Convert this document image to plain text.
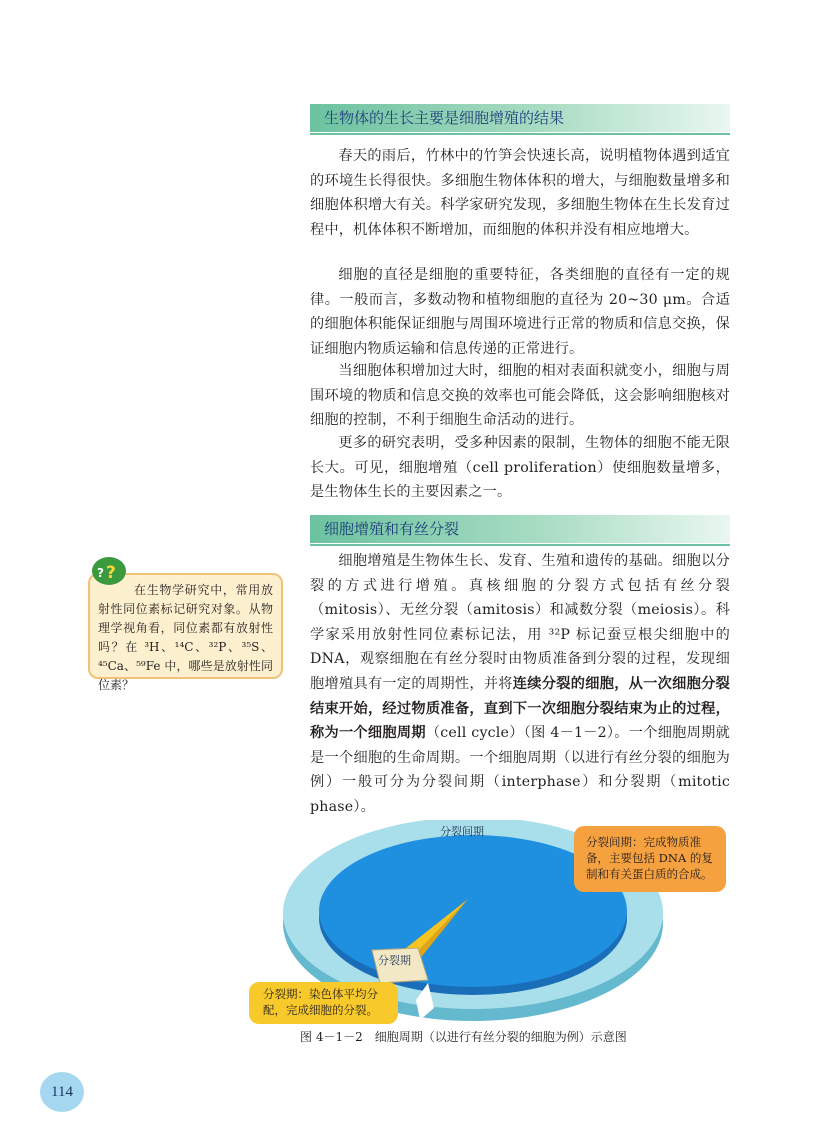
生物体的生长主要是细胞增殖的结果

春天的雨后，竹林中的竹笋会快速长高，说明植物体遇到适宜的环境生长得很快。多细胞生物体体积的增大，与细胞数量增多和细胞体积增大有关。科学家研究发现，多细胞生物体在生长发育过程中，机体体积不断增加，而细胞的体积并没有相应地增大。

细胞的直径是细胞的重要特征，各类细胞的直径有一定的规律。一般而言，多数动物和植物细胞的直径为 20~30 μm。合适的细胞体积能保证细胞与周围环境进行正常的物质和信息交换，保证细胞内物质运输和信息传递的正常进行。

当细胞体积增加过大时，细胞的相对表面积就变小，细胞与周围环境的物质和信息交换的效率也可能会降低，这会影响细胞核对细胞的控制，不利于细胞生命活动的进行。

更多的研究表明，受多种因素的限制，生物体的细胞不能无限长大。可见，细胞增殖（cell proliferation）使细胞数量增多，是生物体生长的主要因素之一。

细胞增殖和有丝分裂

细胞增殖是生物体生长、发育、生殖和遗传的基础。细胞以分裂的方式进行增殖。真核细胞的分裂方式包括有丝分裂（mitosis）、无丝分裂（amitosis）和减数分裂（meiosis）。科学家采用放射性同位素标记法，用 ³²P 标记蚕豆根尖细胞中的 DNA，观察细胞在有丝分裂时由物质准备到分裂的过程，发现细胞增殖具有一定的周期性，并将连续分裂的细胞，从一次细胞分裂结束开始，经过物质准备，直到下一次细胞分裂结束为止的过程，称为一个细胞周期（cell cycle）（图 4－1－2）。一个细胞周期就是一个细胞的生命周期。一个细胞周期（以进行有丝分裂的细胞为例）一般可分为分裂间期（interphase）和分裂期（mitotic phase）。

在生物学研究中，常用放射性同位素标记研究对象。从物理学视角看，同位素都有放射性吗？在 ³H、¹⁴C、³²P、³⁵S、⁴⁵Ca、⁵⁹Fe 中，哪些是放射性同位素？
? ?
分裂间期
分裂期
分裂间期：完成物质准备，主要包括 DNA 的复制和有关蛋白质的合成。
分裂期：染色体平均分配，完成细胞的分裂。
图 4－1－2　细胞周期（以进行有丝分裂的细胞为例）示意图
114
